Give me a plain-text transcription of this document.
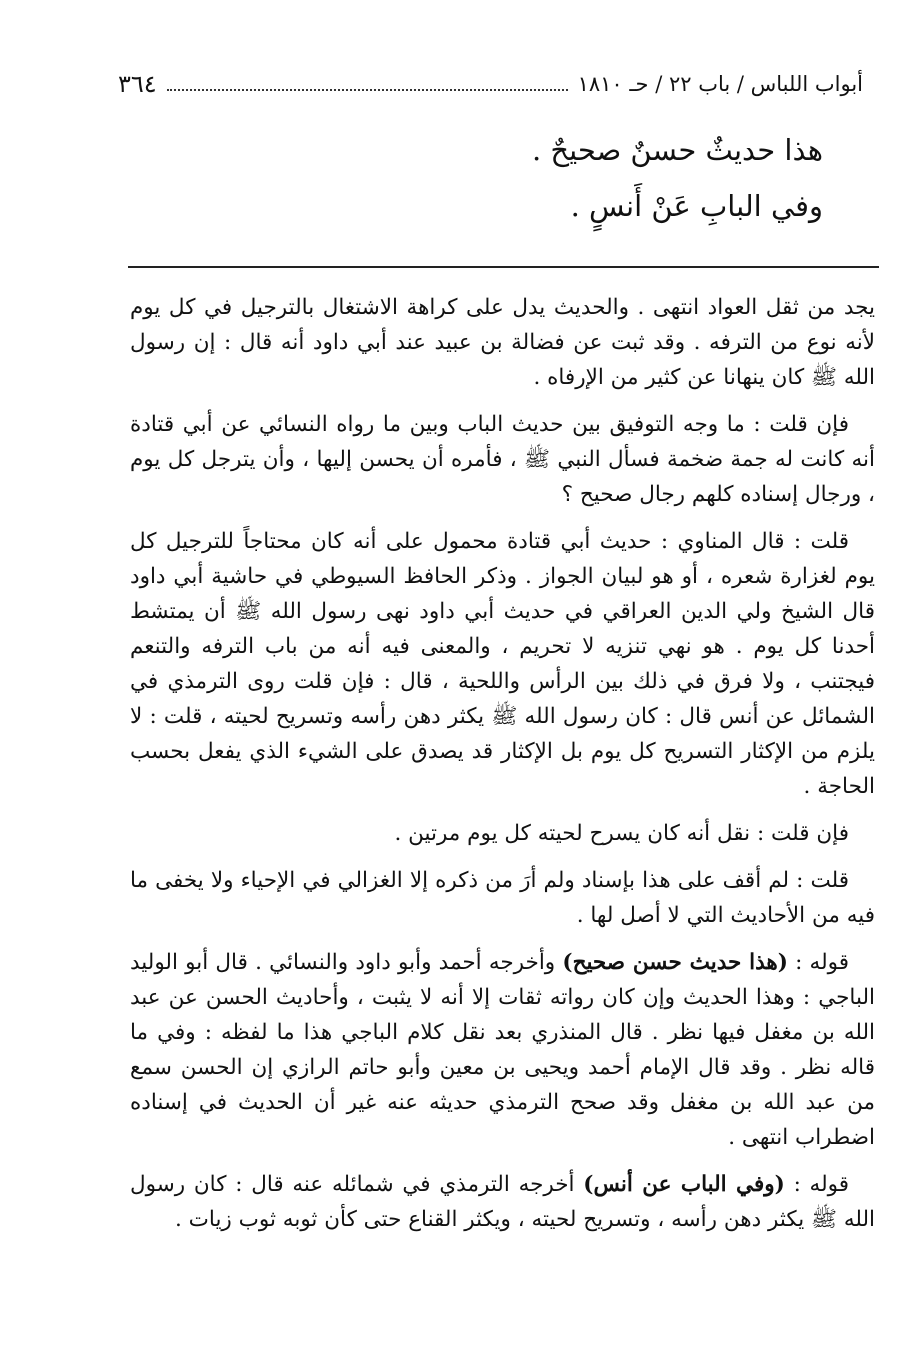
أبواب اللباس / باب ٢٢ / حـ ١٨١٠
٣٦٤
هذا حديثٌ حسنٌ صحيحٌ .
وفي البابِ عَنْ أَنسٍ .

يجد من ثقل العواد انتهى . والحديث يدل على كراهة الاشتغال بالترجيل في كل يوم لأنه نوع من الترفه . وقد ثبت عن فضالة بن عبيد عند أبي داود أنه قال : إن رسول الله ﷺ كان ينهانا عن كثير من الإرفاه .

فإن قلت : ما وجه التوفيق بين حديث الباب وبين ما رواه النسائي عن أبي قتادة أنه كانت له جمة ضخمة فسأل النبي ﷺ ، فأمره أن يحسن إليها ، وأن يترجل كل يوم ، ورجال إسناده كلهم رجال صحيح ؟

قلت : قال المناوي : حديث أبي قتادة محمول على أنه كان محتاجاً للترجيل كل يوم لغزارة شعره ، أو هو لبيان الجواز . وذكر الحافظ السيوطي في حاشية أبي داود قال الشيخ ولي الدين العراقي في حديث أبي داود نهى رسول الله ﷺ أن يمتشط أحدنا كل يوم . هو نهي تنزيه لا تحريم ، والمعنى فيه أنه من باب الترفه والتنعم فيجتنب ، ولا فرق في ذلك بين الرأس واللحية ، قال : فإن قلت روى الترمذي في الشمائل عن أنس قال : كان رسول الله ﷺ يكثر دهن رأسه وتسريح لحيته ، قلت : لا يلزم من الإكثار التسريح كل يوم بل الإكثار قد يصدق على الشيء الذي يفعل بحسب الحاجة .

فإن قلت : نقل أنه كان يسرح لحيته كل يوم مرتين .

قلت : لم أقف على هذا بإسناد ولم أرَ من ذكره إلا الغزالي في الإحياء ولا يخفى ما فيه من الأحاديث التي لا أصل لها .

قوله : (هذا حديث حسن صحيح) وأخرجه أحمد وأبو داود والنسائي . قال أبو الوليد الباجي : وهذا الحديث وإن كان رواته ثقات إلا أنه لا يثبت ، وأحاديث الحسن عن عبد الله بن مغفل فيها نظر . قال المنذري بعد نقل كلام الباجي هذا ما لفظه : وفي ما قاله نظر . وقد قال الإمام أحمد ويحيى بن معين وأبو حاتم الرازي إن الحسن سمع من عبد الله بن مغفل وقد صحح الترمذي حديثه عنه غير أن الحديث في إسناده اضطراب انتهى .

قوله : (وفي الباب عن أنس) أخرجه الترمذي في شمائله عنه قال : كان رسول الله ﷺ يكثر دهن رأسه ، وتسريح لحيته ، ويكثر القناع حتى كأن ثوبه ثوب زيات .
